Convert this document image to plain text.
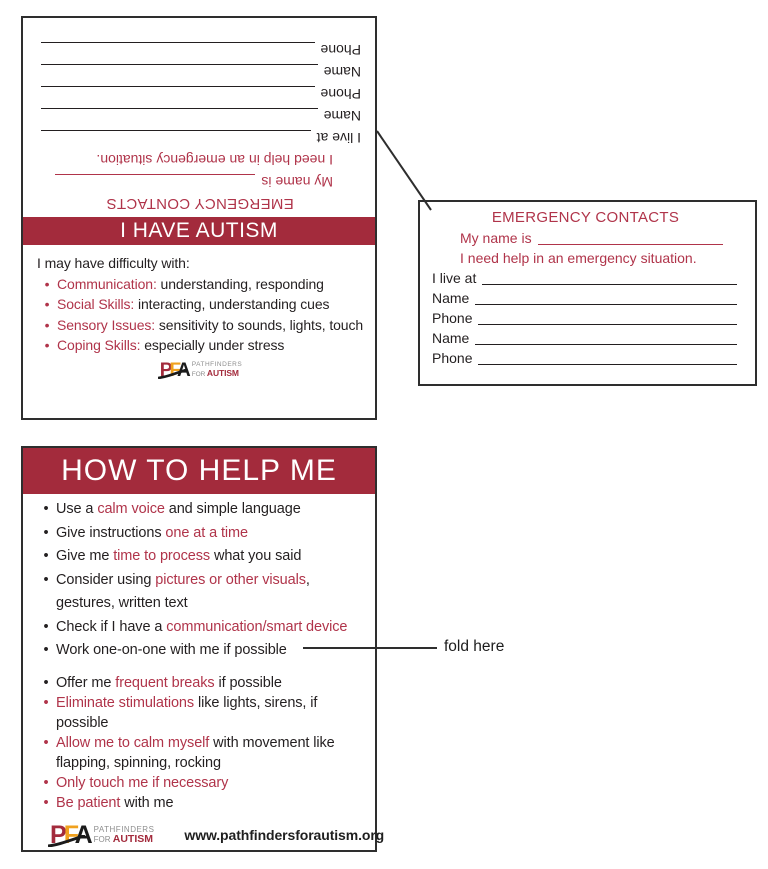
EMERGENCY CONTACTS
My name is
I need help in an emergency situation.
I live at
Name
Phone
Name
Phone
I HAVE AUTISM
I may have difficulty with:
• Communication: understanding, responding
• Social Skills: interacting, understanding cues
• Sensory Issues: sensitivity to sounds, lights, touch
• Coping Skills: especially under stress
PFA PATHFINDERS
FOR AUTISM
EMERGENCY CONTACTS
My name is
I need help in an emergency situation.
I live at
Name
Phone
Name
Phone
HOW TO HELP ME
• Use a calm voice and simple language
• Give instructions one at a time
• Give me time to process what you said
• Consider using pictures or other visuals, gestures, written text
• Check if I have a communication/smart device
• Work one-on-one with me if possible
• Offer me frequent breaks if possible
• Eliminate stimulations like lights, sirens, if possible
• Allow me to calm myself with movement like flapping, spinning, rocking
• Only touch me if necessary
• Be patient with me
PFA PATHFINDERS
FOR AUTISM www.pathfindersforautism.org
fold here
